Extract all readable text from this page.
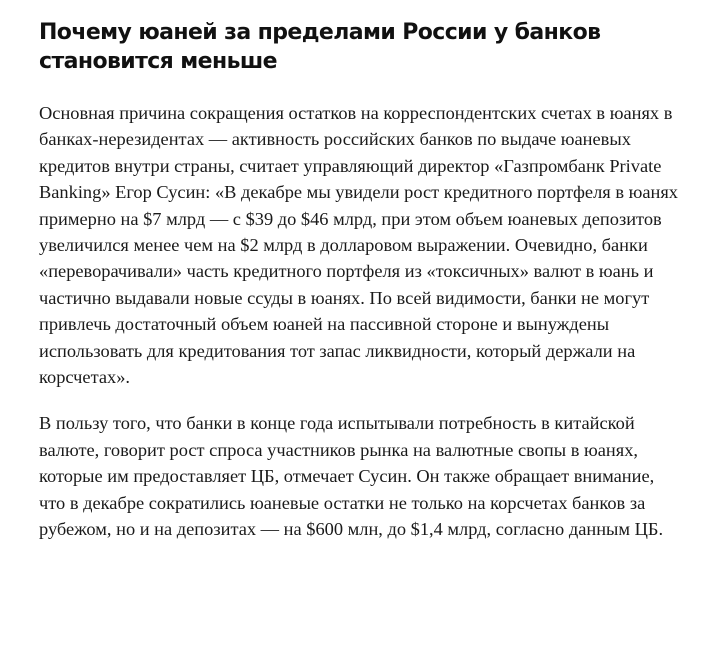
Почему юаней за пределами России у банков становится меньше

Основная причина сокращения остатков на корреспондентских счетах в юанях в банках-нерезидентах — активность российских банков по выдаче юаневых кредитов внутри страны, считает управляющий директор «Газпромбанк Private Banking» Егор Сусин: «В декабре мы увидели рост кредитного портфеля в юанях примерно на $7 млрд — с $39 до $46 млрд, при этом объем юаневых депозитов увеличился менее чем на $2 млрд в долларовом выражении. Очевидно, банки «переворачивали» часть кредитного портфеля из «токсичных» валют в юань и частично выдавали новые ссуды в юанях. По всей видимости, банки не могут привлечь достаточный объем юаней на пассивной стороне и вынуждены использовать для кредитования тот запас ликвидности, который держали на корсчетах».

В пользу того, что банки в конце года испытывали потребность в китайской валюте, говорит рост спроса участников рынка на валютные свопы в юанях, которые им предоставляет ЦБ, отмечает Сусин. Он также обращает внимание, что в декабре сократились юаневые остатки не только на корсчетах банков за рубежом, но и на депозитах — на $600 млн, до $1,4 млрд, согласно данным ЦБ.
